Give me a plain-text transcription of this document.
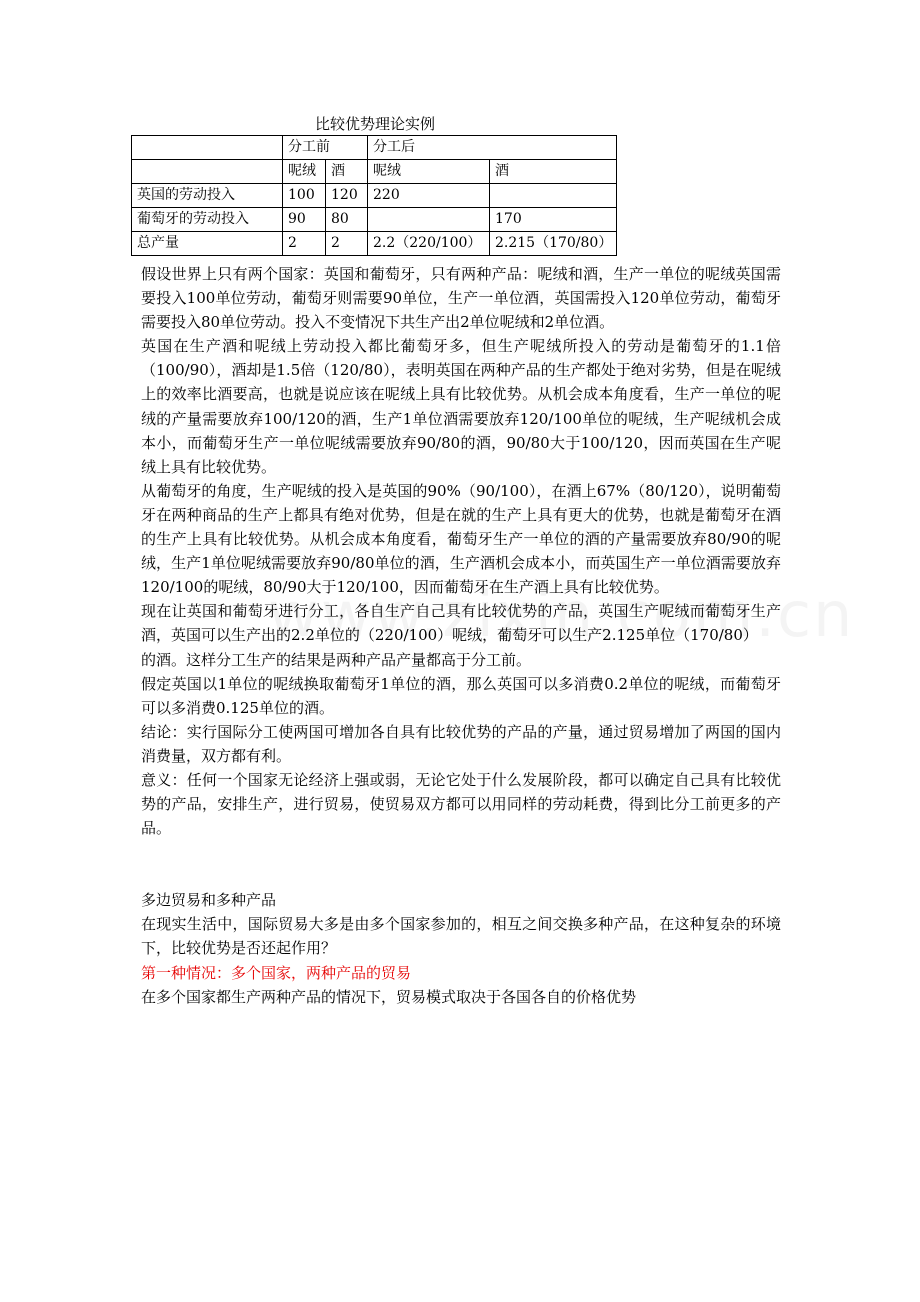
比较优势理论实例
	分工前		分工后	
	呢绒	酒	呢绒	酒
英国的劳动投入	100	120	220	
葡萄牙的劳动投入	90	80		170
总产量	2	2	2.2（220/100）	2.215（170/80）

假设世界上只有两个国家：英国和葡萄牙，只有两种产品：呢绒和酒，生产一单位的呢绒英国需要投入100单位劳动，葡萄牙则需要90单位，生产一单位酒，英国需投入120单位劳动，葡萄牙需要投入80单位劳动。投入不变情况下共生产出2单位呢绒和2单位酒。

英国在生产酒和呢绒上劳动投入都比葡萄牙多，但生产呢绒所投入的劳动是葡萄牙的1.1倍（100/90），酒却是1.5倍（120/80），表明英国在两种产品的生产都处于绝对劣势，但是在呢绒上的效率比酒要高，也就是说应该在呢绒上具有比较优势。从机会成本角度看，生产一单位的呢绒的产量需要放弃100/120的酒，生产1单位酒需要放弃120/100单位的呢绒，生产呢绒机会成本小，而葡萄牙生产一单位呢绒需要放弃90/80的酒，90/80大于100/120，因而英国在生产呢绒上具有比较优势。

从葡萄牙的角度，生产呢绒的投入是英国的90%（90/100），在酒上67%（80/120），说明葡萄牙在两种商品的生产上都具有绝对优势，但是在就的生产上具有更大的优势，也就是葡萄牙在酒的生产上具有比较优势。从机会成本角度看，葡萄牙生产一单位的酒的产量需要放弃80/90的呢绒，生产1单位呢绒需要放弃90/80单位的酒，生产酒机会成本小，而英国生产一单位酒需要放弃120/100的呢绒，80/90大于120/100，因而葡萄牙在生产酒上具有比较优势。

现在让英国和葡萄牙进行分工，各自生产自己具有比较优势的产品，英国生产呢绒而葡萄牙生产酒，英国可以生产出的2.2单位的（220/100）呢绒，葡萄牙可以生产2.125单位（170/80）

的酒。这样分工生产的结果是两种产品产量都高于分工前。

假定英国以1单位的呢绒换取葡萄牙1单位的酒，那么英国可以多消费0.2单位的呢绒，而葡萄牙可以多消费0.125单位的酒。

结论：实行国际分工使两国可增加各自具有比较优势的产品的产量，通过贸易增加了两国的国内消费量，双方都有利。

意义：任何一个国家无论经济上强或弱，无论它处于什么发展阶段，都可以确定自己具有比较优势的产品，安排生产，进行贸易，使贸易双方都可以用同样的劳动耗费，得到比分工前更多的产品。

多边贸易和多种产品

在现实生活中，国际贸易大多是由多个国家参加的，相互之间交换多种产品，在这种复杂的环境下，比较优势是否还起作用？

第一种情况：多个国家，两种产品的贸易

在多个国家都生产两种产品的情况下，贸易模式取决于各国各自的价格优势
